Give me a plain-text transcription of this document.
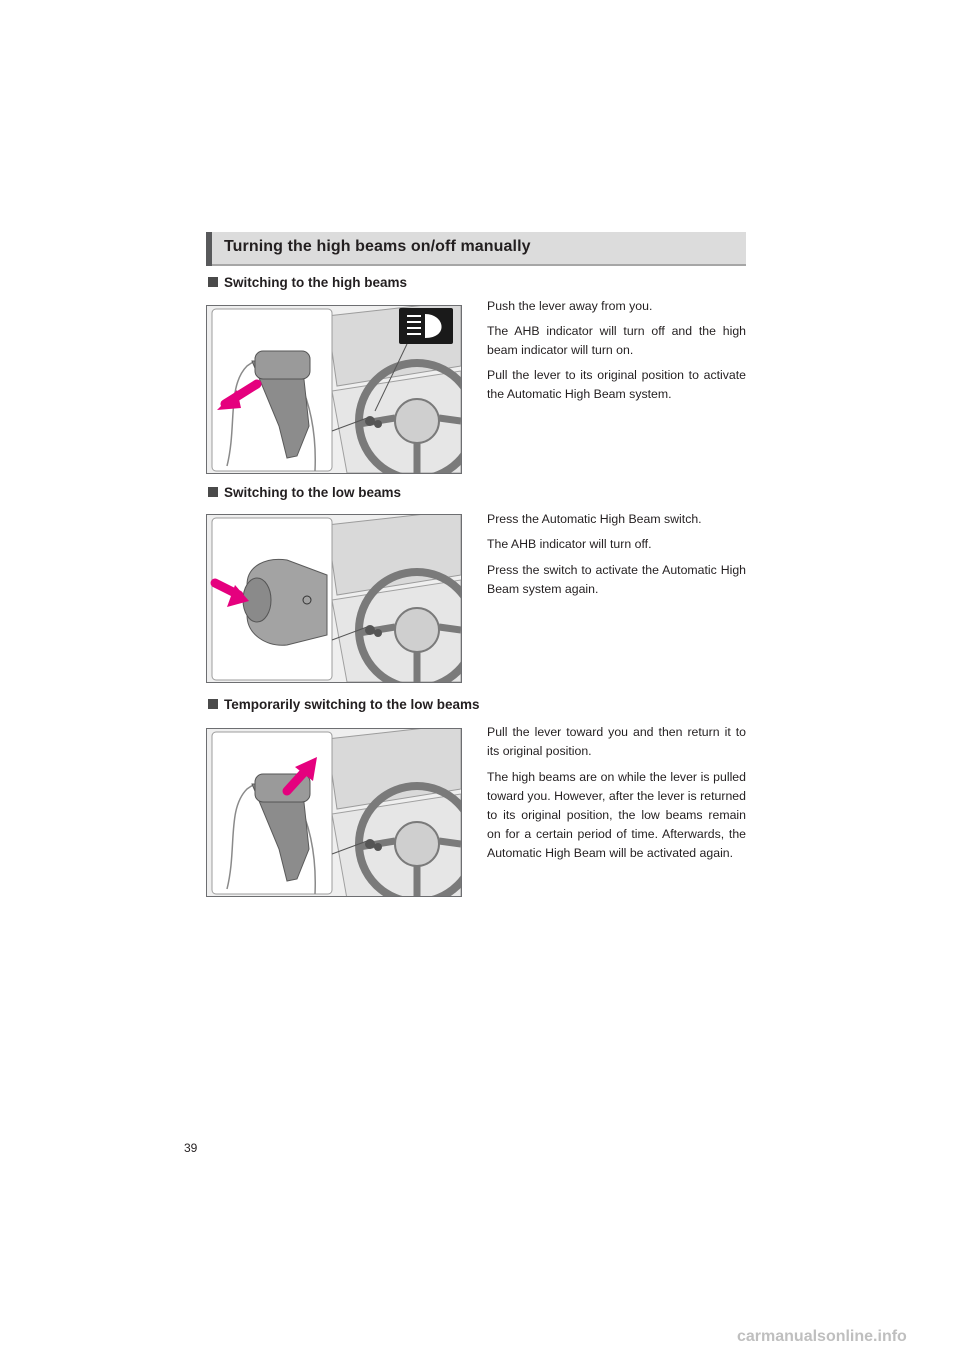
Turning the high beams on/off manually
Switching to the high beams

Push the lever away from you.

The AHB indicator will turn off and the high beam indicator will turn on.

Pull the lever to its original position to activate the Automatic High Beam system.

Switching to the low beams

Press the Automatic High Beam switch.

The AHB indicator will turn off.

Press the switch to activate the Automatic High Beam system again.

Temporarily switching to the low beams

Pull the lever toward you and then return it to its original position.

The high beams are on while the lever is pulled toward you. However, after the lever is returned to its original position, the low beams remain on for a certain period of time. Afterwards, the Automatic High Beam will be activated again.

39
carmanualsonline.info
